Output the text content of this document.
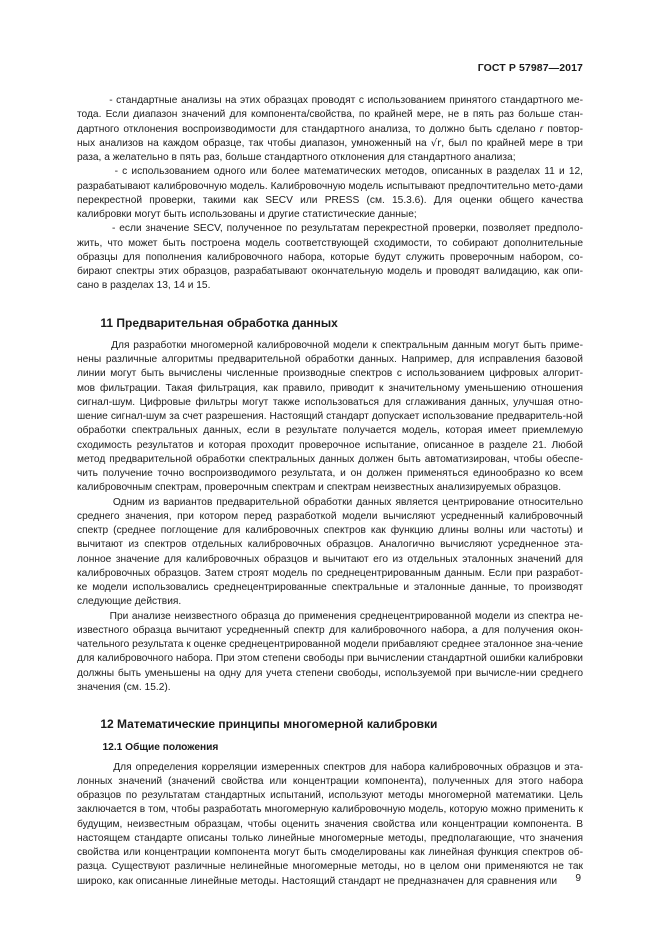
ГОСТ Р 57987—2017

- стандартные анализы на этих образцах проводят с использованием принятого стандартного ме-тода. Если диапазон значений для компонента/свойства, по крайней мере, не в пять раз больше стан-дартного отклонения воспроизводимости для стандартного анализа, то должно быть сделано r повтор-ных анализов на каждом образце, так чтобы диапазон, умноженный на √r, был по крайней мере в три раза, а желательно в пять раз, больше стандартного отклонения для стандартного анализа;

- с использованием одного или более математических методов, описанных в разделах 11 и 12, разрабатывают калибровочную модель. Калибровочную модель испытывают предпочтительно мето-дами перекрестной проверки, такими как SECV или PRESS (см. 15.3.6). Для оценки общего качества калибровки могут быть использованы и другие статистические данные;

- если значение SECV, полученное по результатам перекрестной проверки, позволяет предполо-жить, что может быть построена модель соответствующей сходимости, то собирают дополнительные образцы для пополнения калибровочного набора, которые будут служить проверочным набором, со-бирают спектры этих образцов, разрабатывают окончательную модель и проводят валидацию, как опи-сано в разделах 13, 14 и 15.

11 Предварительная обработка данных

Для разработки многомерной калибровочной модели к спектральным данным могут быть приме-нены различные алгоритмы предварительной обработки данных. Например, для исправления базовой линии могут быть вычислены численные производные спектров с использованием цифровых алгорит-мов фильтрации. Такая фильтрация, как правило, приводит к значительному уменьшению отношения сигнал-шум. Цифровые фильтры могут также использоваться для сглаживания данных, улучшая отно-шение сигнал-шум за счет разрешения. Настоящий стандарт допускает использование предваритель-ной обработки спектральных данных, если в результате получается модель, которая имеет приемлемую сходимость результатов и которая проходит проверочное испытание, описанное в разделе 21. Любой метод предварительной обработки спектральных данных должен быть автоматизирован, чтобы обеспе-чить получение точно воспроизводимого результата, и он должен применяться единообразно ко всем калибровочным спектрам, проверочным спектрам и спектрам неизвестных анализируемых образцов.

Одним из вариантов предварительной обработки данных является центрирование относительно среднего значения, при котором перед разработкой модели вычисляют усредненный калибровочный спектр (среднее поглощение для калибровочных спектров как функцию длины волны или частоты) и вычитают из спектров отдельных калибровочных образцов. Аналогично вычисляют усредненное эта-лонное значение для калибровочных образцов и вычитают его из отдельных эталонных значений для калибровочных образцов. Затем строят модель по среднецентрированным данным. Если при разработ-ке модели использовались среднецентрированные спектральные и эталонные данные, то производят следующие действия.

При анализе неизвестного образца до применения среднецентрированной модели из спектра не-известного образца вычитают усредненный спектр для калибровочного набора, а для получения окон-чательного результата к оценке среднецентрированной модели прибавляют среднее эталонное зна-чение для калибровочного набора. При этом степени свободы при вычислении стандартной ошибки калибровки должны быть уменьшены на одну для учета степени свободы, используемой при вычисле-нии среднего значения (см. 15.2).

12 Математические принципы многомерной калибровки
12.1 Общие положения

Для определения корреляции измеренных спектров для набора калибровочных образцов и эта-лонных значений (значений свойства или концентрации компонента), полученных для этого набора образцов по результатам стандартных испытаний, используют методы многомерной математики. Цель заключается в том, чтобы разработать многомерную калибровочную модель, которую можно применить к будущим, неизвестным образцам, чтобы оценить значения свойства или концентрации компонента. В настоящем стандарте описаны только линейные многомерные методы, предполагающие, что значения свойства или концентрации компонента могут быть смоделированы как линейная функция спектров об-разца. Существуют различные нелинейные многомерные методы, но в целом они применяются не так широко, как описанные линейные методы. Настоящий стандарт не предназначен для сравнения или	9
